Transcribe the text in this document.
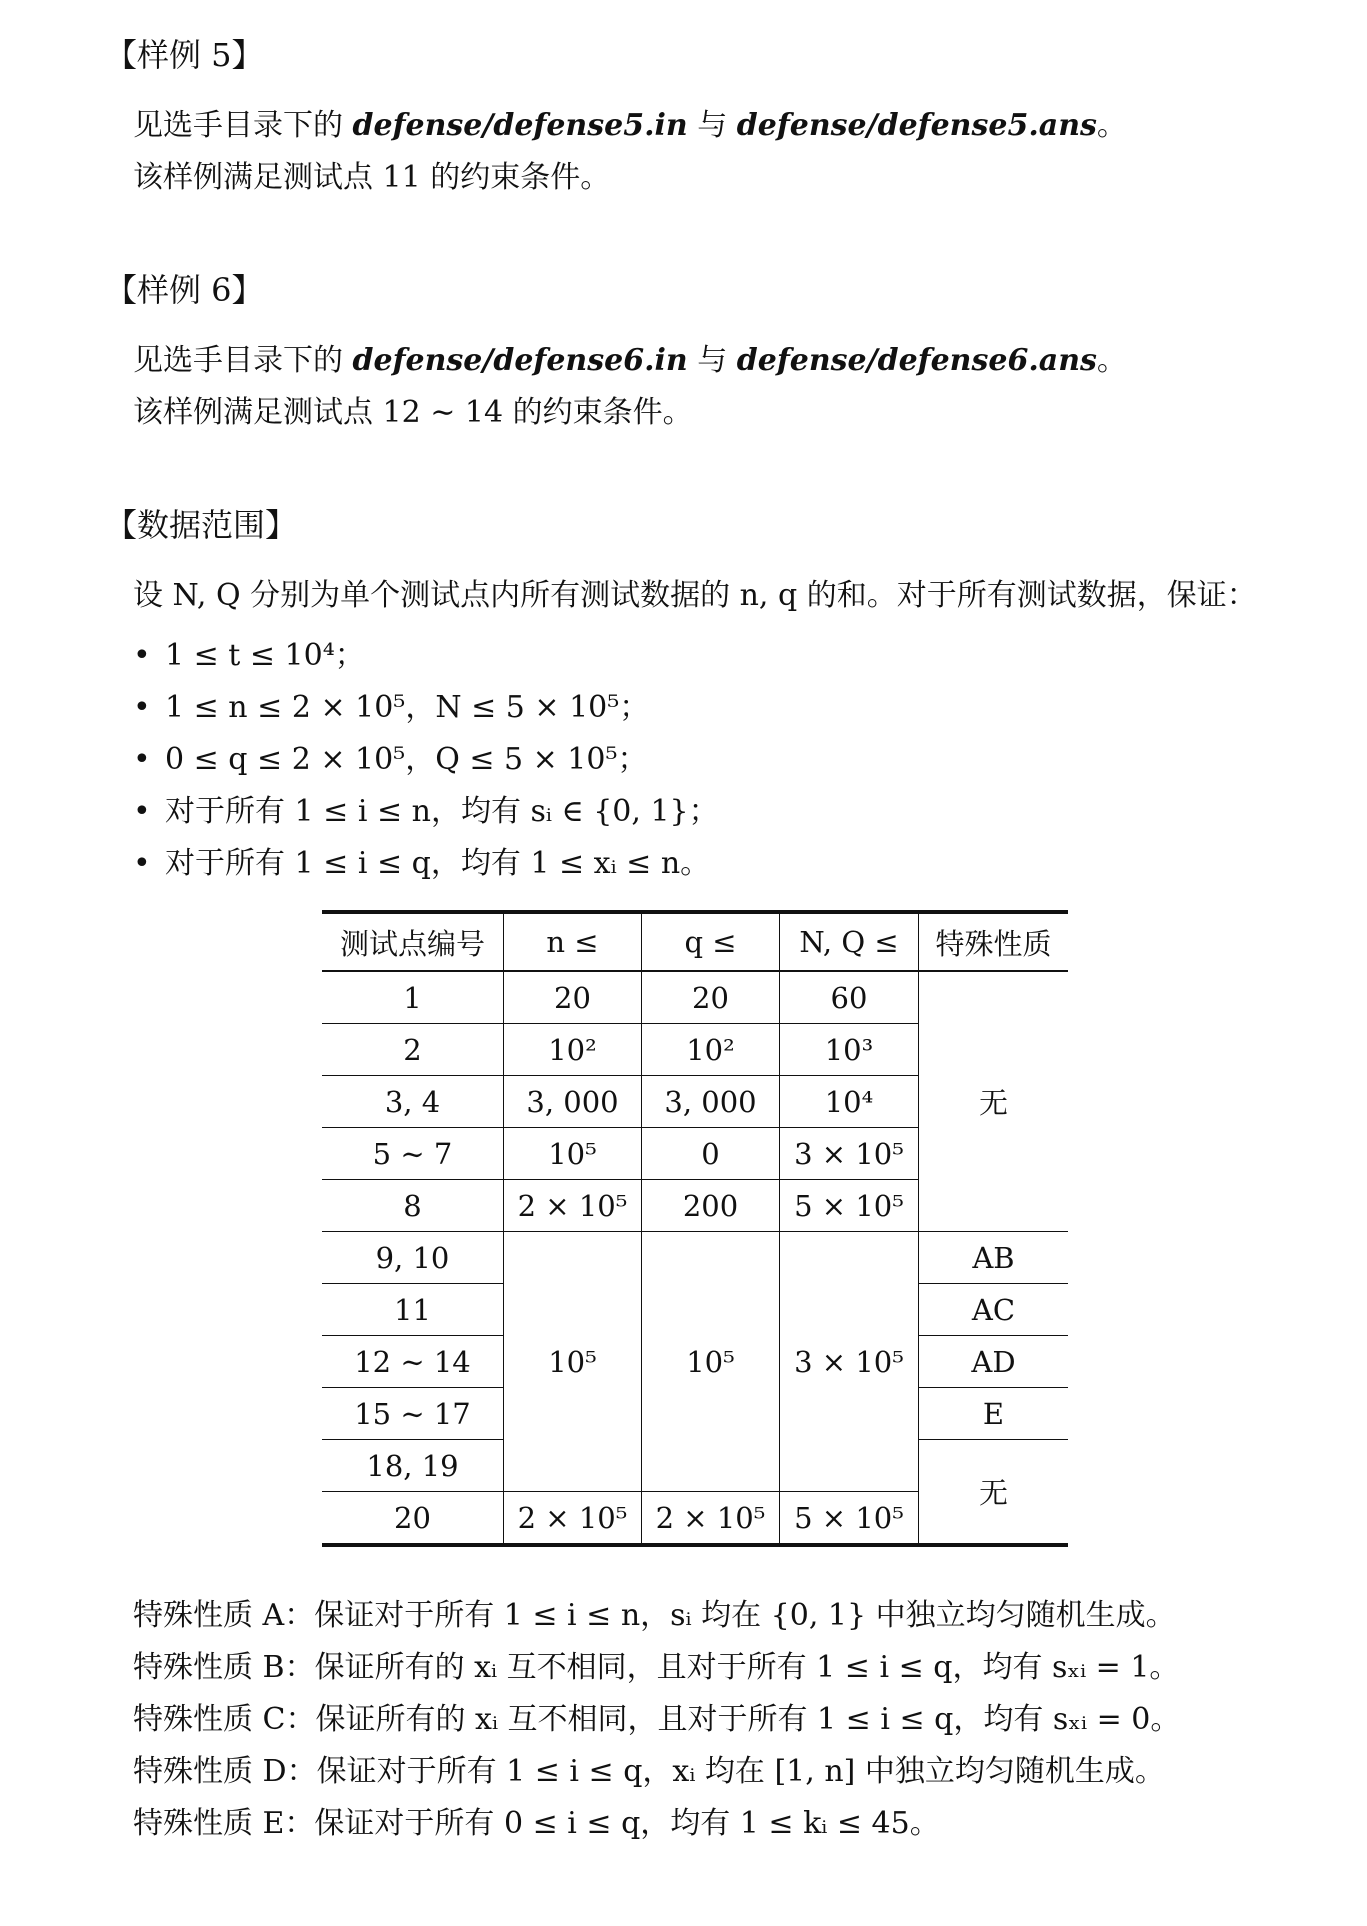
【样例 5】
见选手目录下的 defense/defense5.in 与 defense/defense5.ans。
该样例满足测试点 11 的约束条件。
【样例 6】
见选手目录下的 defense/defense6.in 与 defense/defense6.ans。
该样例满足测试点 12 ∼ 14 的约束条件。
【数据范围】
设 N, Q 分别为单个测试点内所有测试数据的 n, q 的和。对于所有测试数据，保证：
• 1 ≤ t ≤ 10⁴；
• 1 ≤ n ≤ 2 × 10⁵，N ≤ 5 × 10⁵；
• 0 ≤ q ≤ 2 × 10⁵，Q ≤ 5 × 10⁵；
• 对于所有 1 ≤ i ≤ n，均有 sᵢ ∈ {0, 1}；
• 对于所有 1 ≤ i ≤ q，均有 1 ≤ xᵢ ≤ n。
测试点编号	n ≤	q ≤	N, Q ≤	特殊性质
1	20	20	60	无
2	10²	10²	10³	
3, 4	3, 000	3, 000	10⁴	
5 ∼ 7	10⁵	0	3 × 10⁵	
8	2 × 10⁵	200	5 × 10⁵	
9, 10	10⁵	10⁵	3 × 10⁵	AB
11				AC
12 ∼ 14				AD
15 ∼ 17				E
18, 19				无
20	2 × 10⁵	2 × 10⁵	5 × 10⁵	
特殊性质 A：保证对于所有 1 ≤ i ≤ n，sᵢ 均在 {0, 1} 中独立均匀随机生成。
特殊性质 B：保证所有的 xᵢ 互不相同，且对于所有 1 ≤ i ≤ q，均有 sₓᵢ = 1。
特殊性质 C：保证所有的 xᵢ 互不相同，且对于所有 1 ≤ i ≤ q，均有 sₓᵢ = 0。
特殊性质 D：保证对于所有 1 ≤ i ≤ q，xᵢ 均在 [1, n] 中独立均匀随机生成。
特殊性质 E：保证对于所有 0 ≤ i ≤ q，均有 1 ≤ kᵢ ≤ 45。
